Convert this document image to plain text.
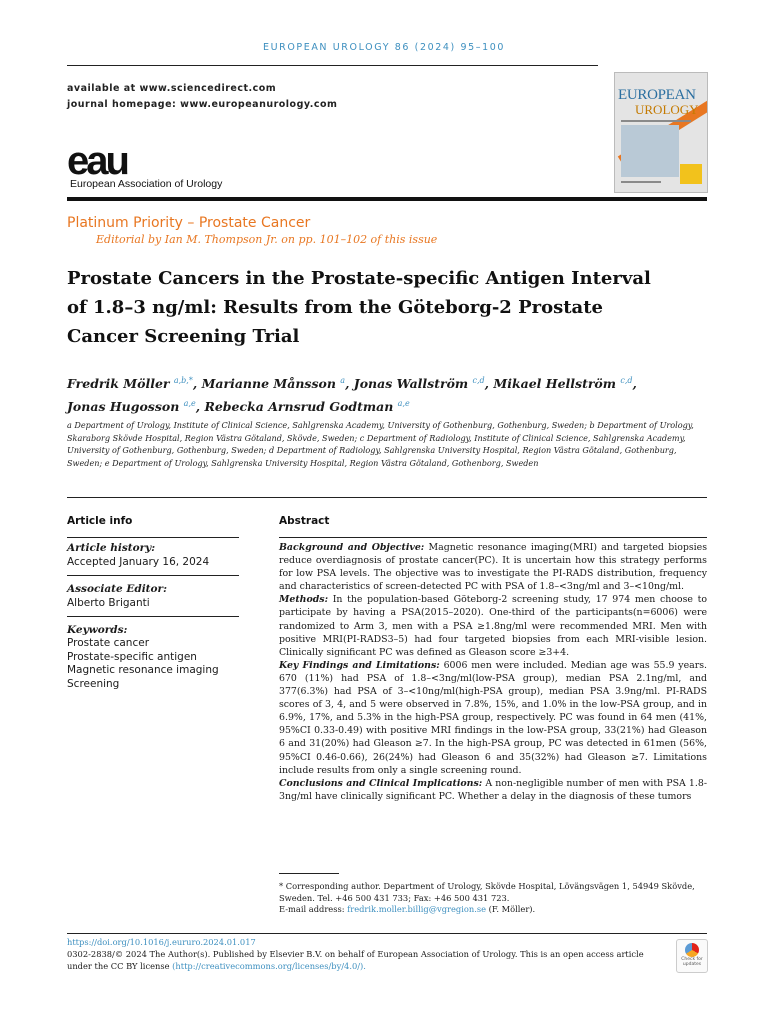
EUROPEAN UROLOGY 86 (2024) 95–100
available at www.sciencedirect.com
journal homepage: www.europeanurology.com
eau
European Association of Urology
EUROPEAN
UROLOGY
Platinum Priority – Prostate Cancer
Editorial by Ian M. Thompson Jr. on pp. 101–102 of this issue
Prostate Cancers in the Prostate-specific Antigen Interval of 1.8–3 ng/ml: Results from the Göteborg-2 Prostate Cancer Screening Trial
Fredrik Möller $^{a,b,*}$, Marianne Månsson $^a$, Jonas Wallström $^{c,d}$, Mikael Hellström $^{c,d}$,
Jonas Hugosson $^{a,e}$, Rebecka Arnsrud Godtman $^{a,e}$
a Department of Urology, Institute of Clinical Science, Sahlgrenska Academy, University of Gothenburg, Gothenburg, Sweden; b Department of Urology, Skaraborg Skövde Hospital, Region Västra Götaland, Skövde, Sweden; c Department of Radiology, Institute of Clinical Science, Sahlgrenska Academy, University of Gothenburg, Gothenburg, Sweden; d Department of Radiology, Sahlgrenska University Hospital, Region Västra Götaland, Gothenburg, Sweden; e Department of Urology, Sahlgrenska University Hospital, Region Västra Götaland, Gothenborg, Sweden
Article info
Article history:
Accepted January 16, 2024
Associate Editor:
Alberto Briganti
Keywords:
Prostate cancer
Prostate-specific antigen
Magnetic resonance imaging
Screening
Abstract
Background and Objective: Magnetic resonance imaging(MRI) and targeted biopsies reduce overdiagnosis of prostate cancer(PC). It is uncertain how this strategy performs for low PSA levels. The objective was to investigate the PI-RADS distribution, frequency and characteristics of screen-detected PC with PSA of 1.8–<3ng/ml and 3–<10ng/ml.
Methods: In the population-based Göteborg-2 screening study, 17 974 men choose to participate by having a PSA(2015–2020). One-third of the participants(n=6006) were randomized to Arm 3, men with a PSA ≥1.8ng/ml were recommended MRI. Men with positive MRI(PI-RADS3–5) had four targeted biopsies from each MRI-visible lesion. Clinically significant PC was defined as Gleason score ≥3+4.
Key Findings and Limitations: 6006 men were included. Median age was 55.9 years. 670 (11%) had PSA of 1.8–<3ng/ml(low-PSA group), median PSA 2.1ng/ml, and 377(6.3%) had PSA of 3–<10ng/ml(high-PSA group), median PSA 3.9ng/ml. PI-RADS scores of 3, 4, and 5 were observed in 7.8%, 15%, and 1.0% in the low-PSA group, and in 6.9%, 17%, and 5.3% in the high-PSA group, respectively. PC was found in 64 men (41%, 95%CI 0.33-0.49) with positive MRI findings in the low-PSA group, 33(21%) had Gleason 6 and 31(20%) had Gleason ≥7. In the high-PSA group, PC was detected in 61men (56%, 95%CI 0.46-0.66), 26(24%) had Gleason 6 and 35(32%) had Gleason ≥7. Limitations include results from only a single screening round.
Conclusions and Clinical Implications: A non-negligible number of men with PSA 1.8-3ng/ml have clinically significant PC. Whether a delay in the diagnosis of these tumors
* Corresponding author. Department of Urology, Skövde Hospital, Lövängsvägen 1, 54949 Skövde, Sweden. Tel. +46 500 431 733; Fax: +46 500 431 723.
E-mail address: fredrik.moller.billig@vgregion.se (F. Möller).
https://doi.org/10.1016/j.eururo.2024.01.017
0302-2838/© 2024 The Author(s). Published by Elsevier B.V. on behalf of European Association of Urology. This is an open access article under the CC BY license (http://creativecommons.org/licenses/by/4.0/).
Check for updates
